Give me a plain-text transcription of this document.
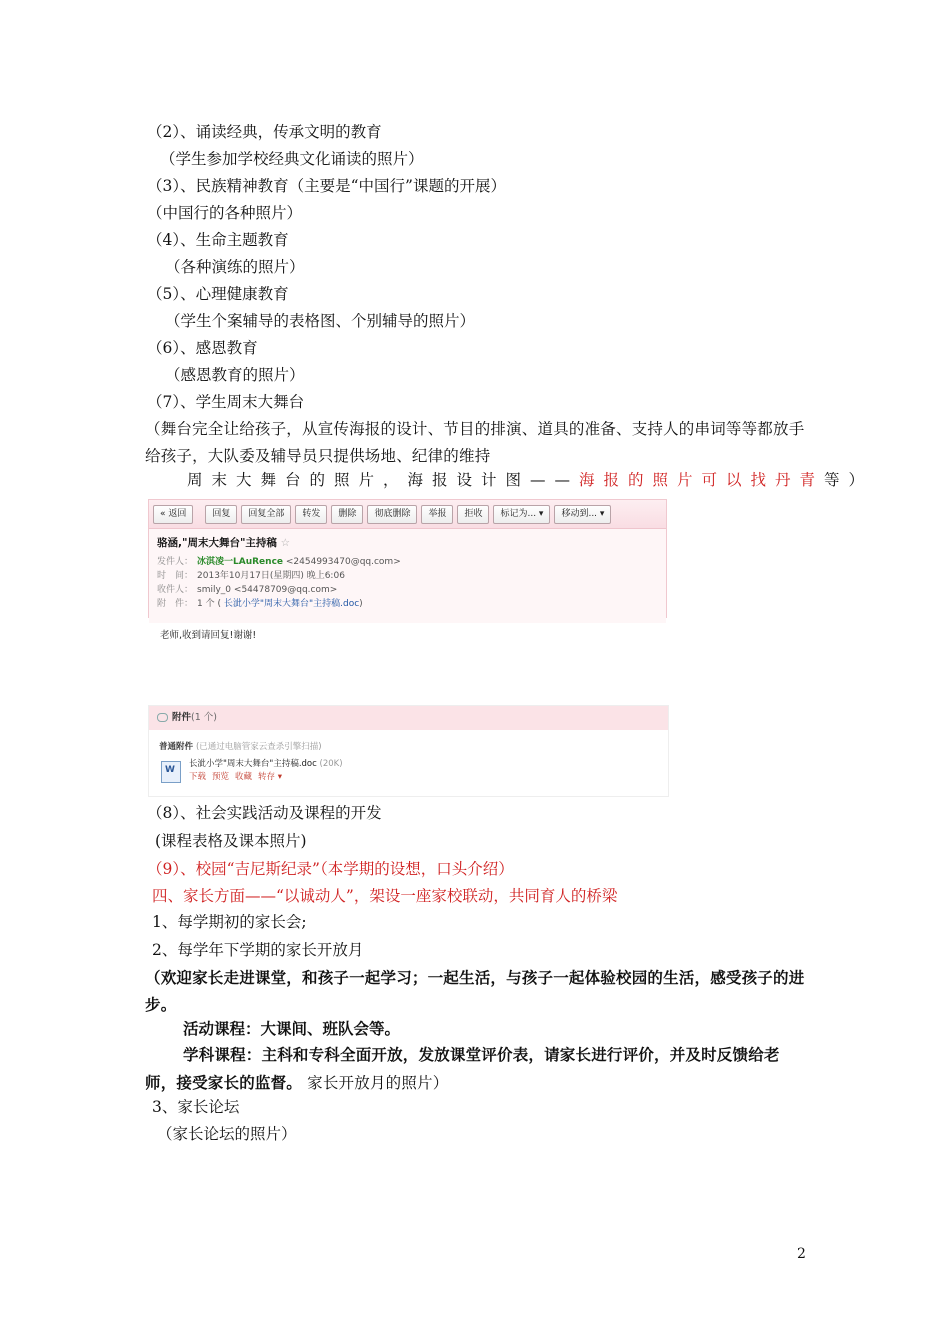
（2）、诵读经典，传承文明的教育
（学生参加学校经典文化诵读的照片）
（3）、民族精神教育（主要是“中国行”课题的开展）
（中国行的各种照片）
（4）、生命主题教育
（各种演练的照片）
（5）、心理健康教育
（学生个案辅导的表格图、个别辅导的照片）
（6）、感恩教育
（感恩教育的照片）
（7）、学生周末大舞台
（舞台完全让给孩子，从宣传海报的设计、节目的排演、道具的准备、支持人的串词等等都放手给孩子，大队委及辅导员只提供场地、纪律的维持
周末大舞台的照片，海报设计图——海报的照片可以找丹青等）
« 返回	回复	回复全部	转发	删除	彻底删除	举报	拒收	标记为... ▾	移动到... ▾
骆涵,"周末大舞台"主持稿 ☆
发件人： 冰淇凌一LAuRence <2454993470@qq.com>
时　间： 2013年10月17日(星期四) 晚上6:06
收件人： smily_0 <54478709@qq.com>
附　件： 1 个 ( 长泚小学"周末大舞台"主持稿.doc)
老师,收到请回复!谢谢!
附件(1 个)
普通附件 (已通过电脑管家云查杀引擎扫描)
W
长泚小学"周末大舞台"主持稿.doc (20K)
下载 预览 收藏 转存 ▾
（8）、社会实践活动及课程的开发
(课程表格及课本照片)
（9）、校园“吉尼斯纪录”（本学期的设想，口头介绍）
四、家长方面——“以诚动人”，架设一座家校联动，共同育人的桥梁
1、每学期初的家长会;
2、每学年下学期的家长开放月
（欢迎家长走进课堂，和孩子一起学习；一起生活，与孩子一起体验校园的生活，感受孩子的进步。
活动课程：大课间、班队会等。
学科课程：主科和专科全面开放，发放课堂评价表，请家长进行评价，并及时反馈给老师，接受家长的监督。 家长开放月的照片）
3、家长论坛
（家长论坛的照片）
2
